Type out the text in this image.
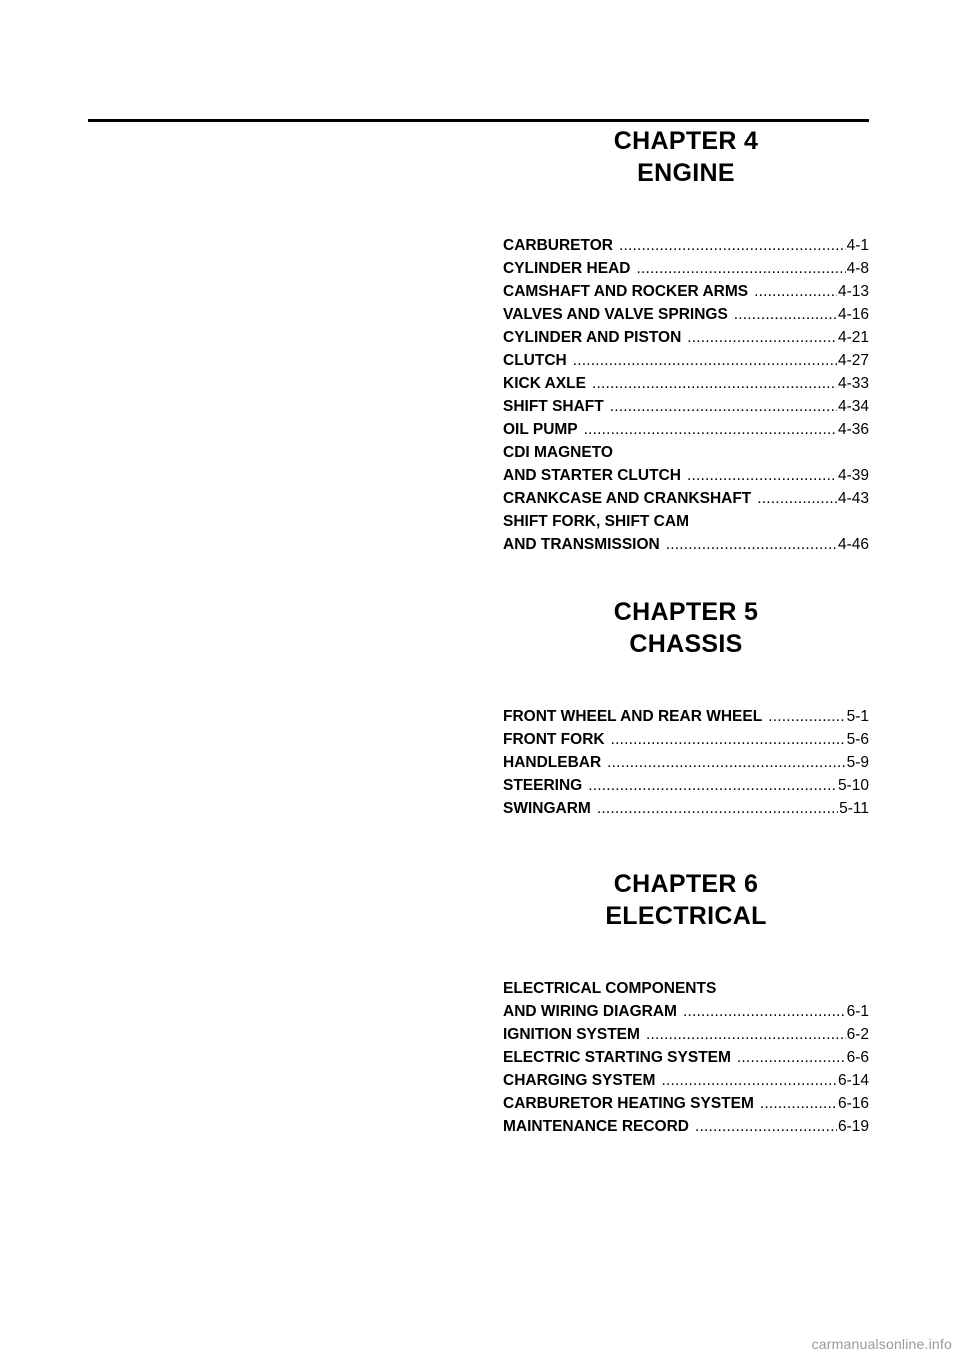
CHAPTER 4
ENGINE
CARBURETOR .....	4-1
CYLINDER HEAD .....	4-8
CAMSHAFT AND ROCKER ARMS .....	4-13
VALVES AND VALVE SPRINGS .....	4-16
CYLINDER AND PISTON .....	4-21
CLUTCH .....	4-27
KICK AXLE .....	4-33
SHIFT SHAFT .....	4-34
OIL PUMP .....	4-36
CDI MAGNETO
AND STARTER CLUTCH .....	4-39
CRANKCASE AND CRANKSHAFT .....	4-43
SHIFT FORK, SHIFT CAM
AND TRANSMISSION .....	4-46
CHAPTER 5
CHASSIS
FRONT WHEEL AND REAR WHEEL .....	5-1
FRONT FORK .....	5-6
HANDLEBAR .....	5-9
STEERING .....	5-10
SWINGARM .....	5-11
CHAPTER 6
ELECTRICAL
ELECTRICAL COMPONENTS
AND WIRING DIAGRAM .....	6-1
IGNITION SYSTEM .....	6-2
ELECTRIC STARTING SYSTEM .....	6-6
CHARGING SYSTEM .....	6-14
CARBURETOR HEATING SYSTEM .....	6-16
MAINTENANCE RECORD .....	6-19
carmanualsonline.info
